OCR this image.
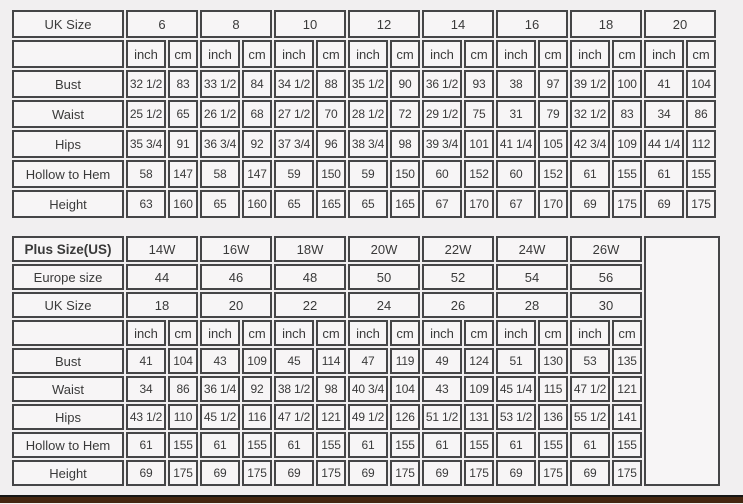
UK Size	6		8		10		12		14		16		18		20	
	inch	cm	inch	cm	inch	cm	inch	cm	inch	cm	inch	cm	inch	cm	inch	cm
Bust	32 1/2	83	33 1/2	84	34 1/2	88	35 1/2	90	36 1/2	93	38	97	39 1/2	100	41	104
Waist	25 1/2	65	26 1/2	68	27 1/2	70	28 1/2	72	29 1/2	75	31	79	32 1/2	83	34	86
Hips	35 3/4	91	36 3/4	92	37 3/4	96	38 3/4	98	39 3/4	101	41 1/4	105	42 3/4	109	44 1/4	112
Hollow to Hem	58	147	58	147	59	150	59	150	60	152	60	152	61	155	61	155
Height	63	160	65	160	65	165	65	165	67	170	67	170	69	175	69	175
Plus Size(US)	14W		16W		18W		20W		22W		24W		26W		
Europe size	44		46		48		50		52		54		56		
UK Size	18		20		22		24		26		28		30		
	inch	cm	inch	cm	inch	cm	inch	cm	inch	cm	inch	cm	inch	cm	
Bust	41	104	43	109	45	114	47	119	49	124	51	130	53	135	
Waist	34	86	36 1/4	92	38 1/2	98	40 3/4	104	43	109	45 1/4	115	47 1/2	121	
Hips	43 1/2	110	45 1/2	116	47 1/2	121	49 1/2	126	51 1/2	131	53 1/2	136	55 1/2	141	
Hollow to Hem	61	155	61	155	61	155	61	155	61	155	61	155	61	155	
Height	69	175	69	175	69	175	69	175	69	175	69	175	69	175	
